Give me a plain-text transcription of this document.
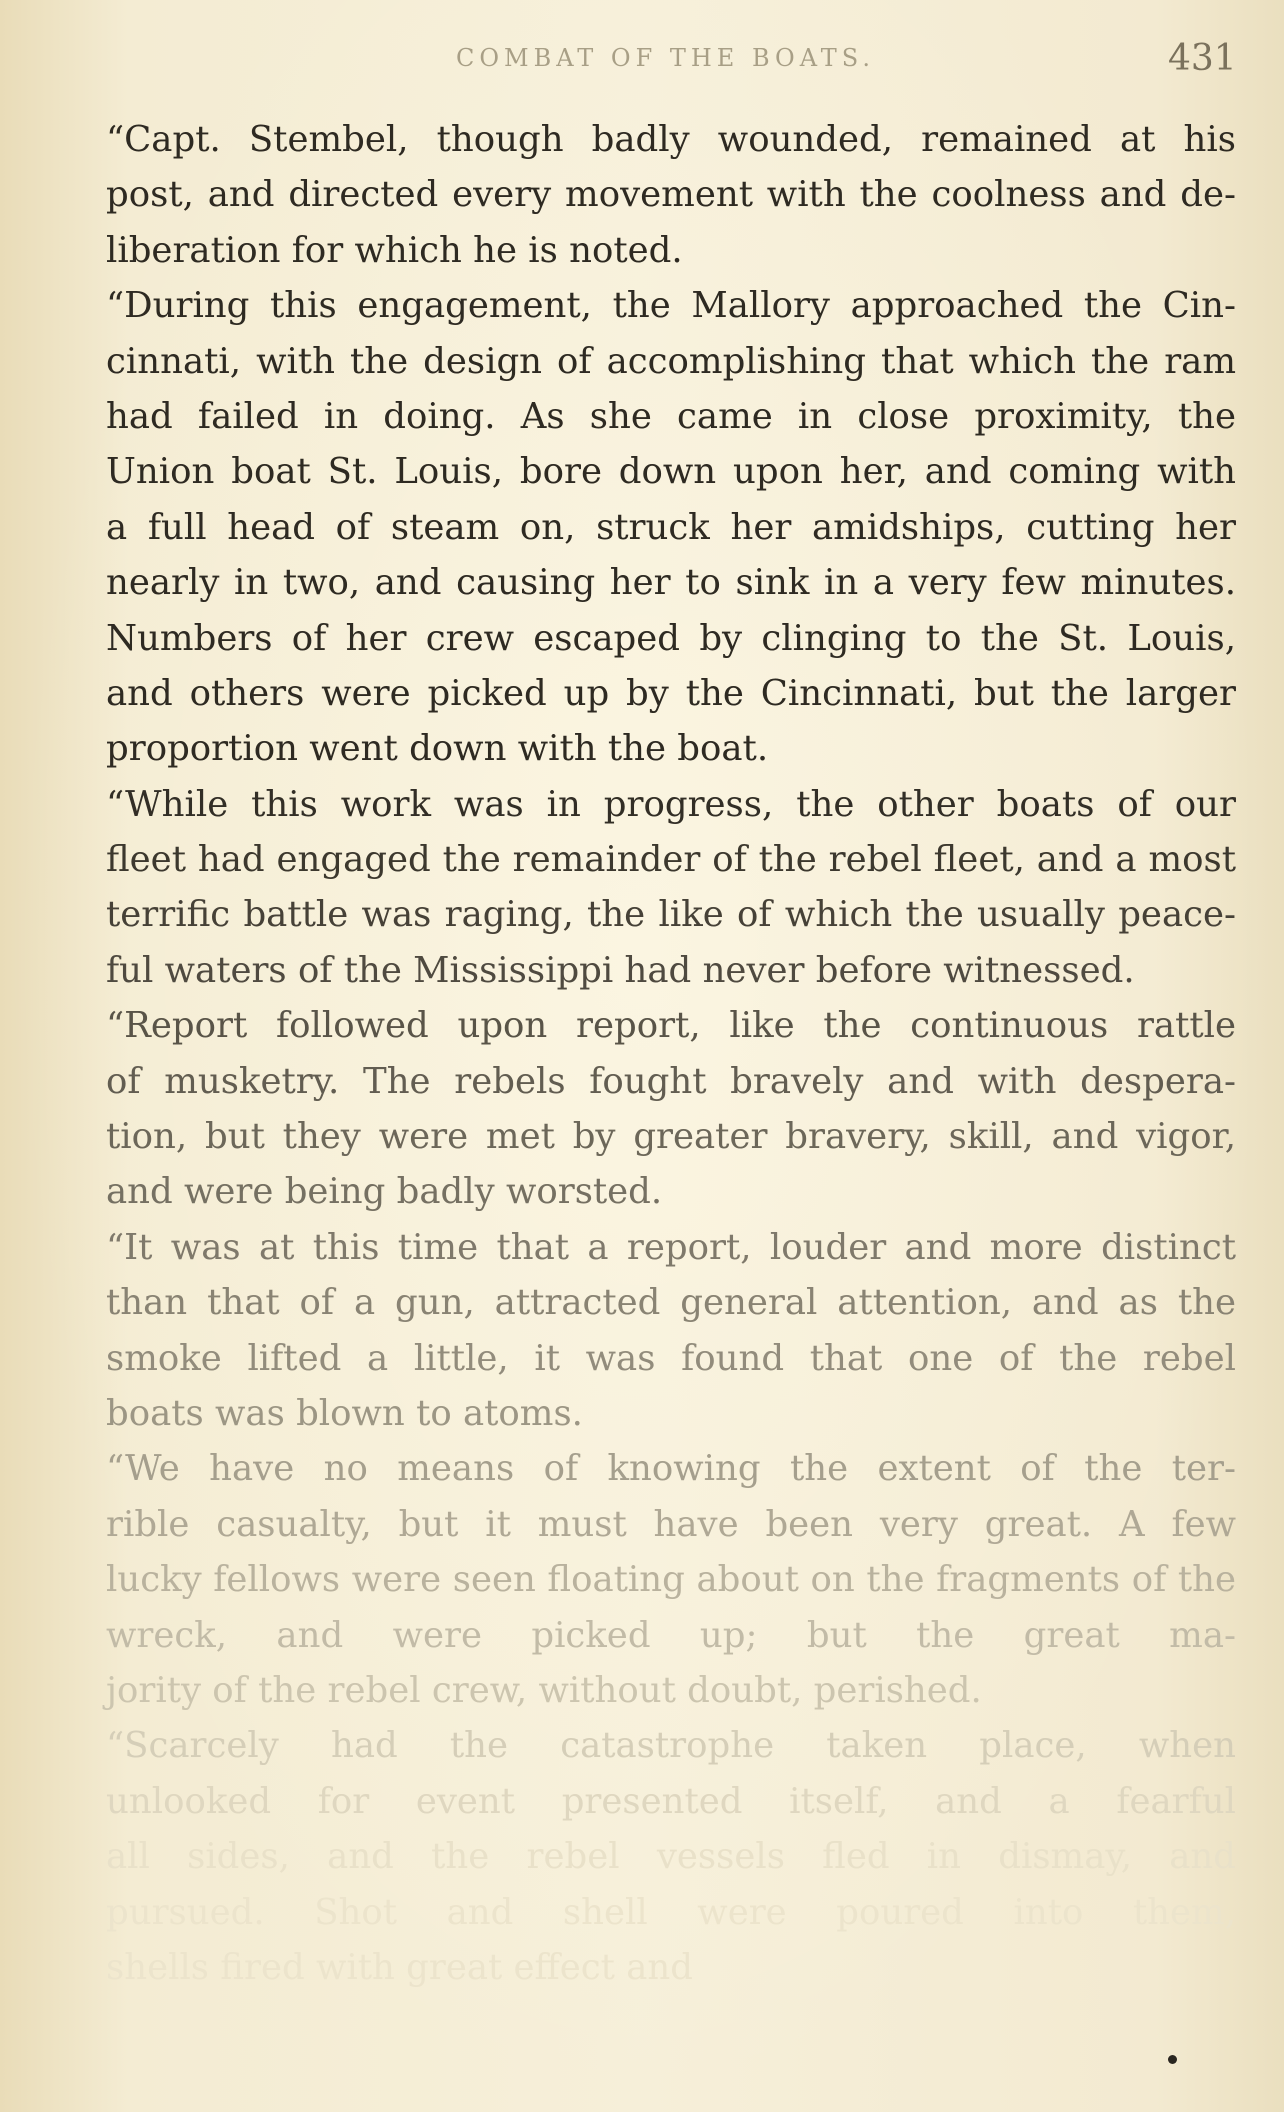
COMBAT OF THE BOATS.	431
“Capt. Stembel, though badly wounded, remained at his
post, and directed every movement with the coolness and de-
liberation for which he is noted.
“During this engagement, the Mallory approached the Cin-
cinnati, with the design of accomplishing that which the ram
had failed in doing. As she came in close proximity, the
Union boat St. Louis, bore down upon her, and coming with
a full head of steam on, struck her amidships, cutting her
nearly in two, and causing her to sink in a very few minutes.
Numbers of her crew escaped by clinging to the St. Louis,
and others were picked up by the Cincinnati, but the larger
proportion went down with the boat.
“While this work was in progress, the other boats of our
fleet had engaged the remainder of the rebel fleet, and a most
terrific battle was raging, the like of which the usually peace-
ful waters of the Mississippi had never before witnessed.
“Report followed upon report, like the continuous rattle
of musketry. The rebels fought bravely and with despera-
tion, but they were met by greater bravery, skill, and vigor,
and were being badly worsted.
“It was at this time that a report, louder and more distinct
than that of a gun, attracted general attention, and as the
smoke lifted a little, it was found that one of the rebel
boats was blown to atoms.
“We have no means of knowing the extent of the ter-
rible casualty, but it must have been very great. A few
lucky fellows were seen floating about on the fragments of the
wreck, and were picked up; but the great ma-
jority of the rebel crew, without doubt, perished.
“Scarcely had the catastrophe taken place, when
unlooked for event presented itself, and a fearful
all sides, and the rebel vessels fled in dismay, and
pursued. Shot and shell were poured into them,
shells fired with great effect and
